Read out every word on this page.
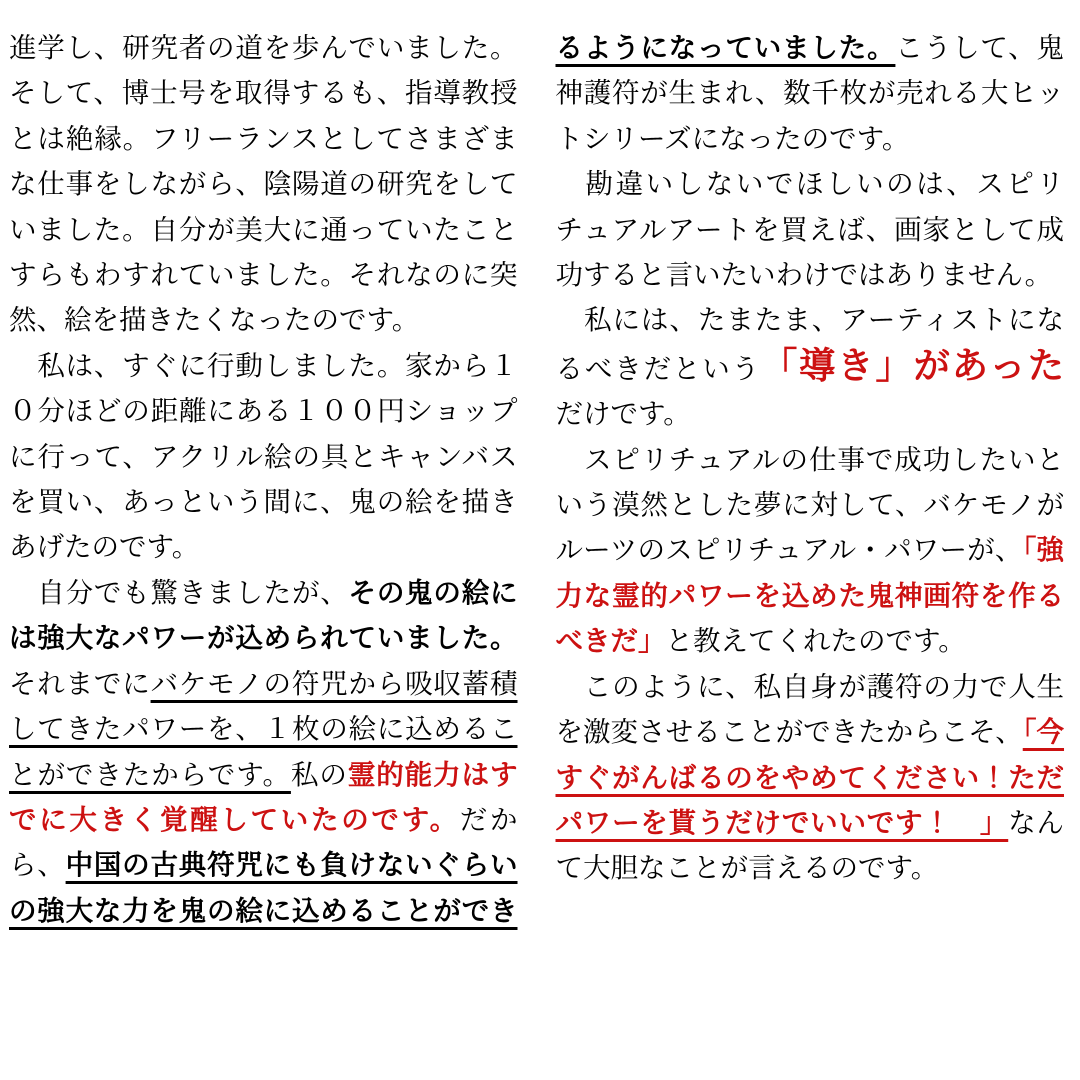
進学し、研究者の道を歩んでいました。そして、博士号を取得するも、指導教授とは絶縁。フリーランスとしてさまざまな仕事をしながら、陰陽道の研究をしていました。自分が美大に通っていたことすらもわすれていました。それなのに突然、絵を描きたくなったのです。
　私は、すぐに行動しました。家から１０分ほどの距離にある１００円ショップに行って、アクリル絵の具とキャンバスを買い、あっという間に、鬼の絵を描きあげたのです。
　自分でも驚きましたが、その鬼の絵には強大なパワーが込められていました。それまでにバケモノの符咒から吸収蓄積してきたパワーを、１枚の絵に込めることができたからです。私の霊的能力はすでに大きく覚醒していたのです。だから、中国の古典符咒にも負けないぐらいの強大な力を鬼の絵に込めることができるようになっていました。こうして、鬼神護符が生まれ、数千枚が売れる大ヒットシリーズになったのです。
　勘違いしないでほしいのは、スピリチュアルアートを買えば、画家として成功すると言いたいわけではありません。
　私には、たまたま、アーティストになるべきだという「導き」があっただけです。
　スピリチュアルの仕事で成功したいという漠然とした夢に対して、バケモノがルーツのスピリチュアル・パワーが、「強力な霊的パワーを込めた鬼神画符を作るべきだ」と教えてくれたのです。
　このように、私自身が護符の力で人生を激変させることができたからこそ、「今すぐがんばるのをやめてください！ただパワーを貰うだけでいいです！　」なんて大胆なことが言えるのです。
